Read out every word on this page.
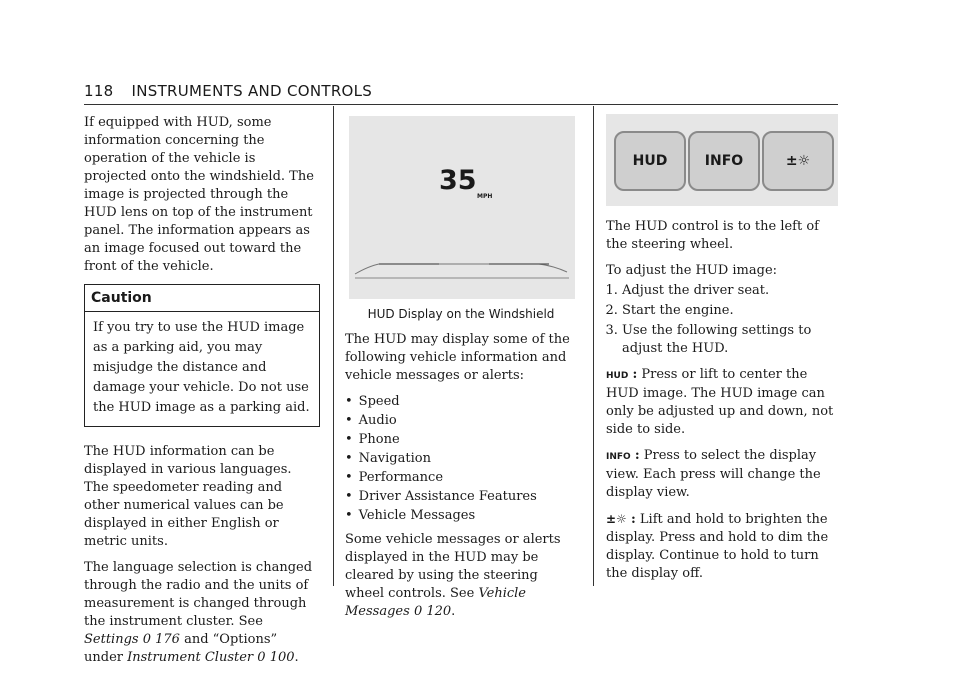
118 INSTRUMENTS AND CONTROLS

If equipped with HUD, some information concerning the operation of the vehicle is projected onto the windshield. The image is projected through the HUD lens on top of the instrument panel. The information appears as an image focused out toward the front of the vehicle.

Caution
If you try to use the HUD image as a parking aid, you may misjudge the distance and damage your vehicle. Do not use the HUD image as a parking aid.

The HUD information can be displayed in various languages. The speedometer reading and other numerical values can be displayed in either English or metric units.

The language selection is changed through the radio and the units of measurement is changed through the instrument cluster. See Settings 0 176 and “Options” under Instrument Cluster 0 100.

35
MPH

HUD Display on the Windshield

The HUD may display some of the following vehicle information and vehicle messages or alerts:

• Speed
• Audio
• Phone
• Navigation
• Performance
• Driver Assistance Features
• Vehicle Messages

Some vehicle messages or alerts displayed in the HUD may be cleared by using the steering wheel controls. See Vehicle Messages 0 120.

HUD	INFO	±☼

The HUD control is to the left of the steering wheel.

To adjust the HUD image:

1. Adjust the driver seat.
2. Start the engine.
3. Use the following settings to adjust the HUD.

HUD : Press or lift to center the HUD image. The HUD image can only be adjusted up and down, not side to side.

INFO : Press to select the display view. Each press will change the display view.

±☼ : Lift and hold to brighten the display. Press and hold to dim the display. Continue to hold to turn the display off.
